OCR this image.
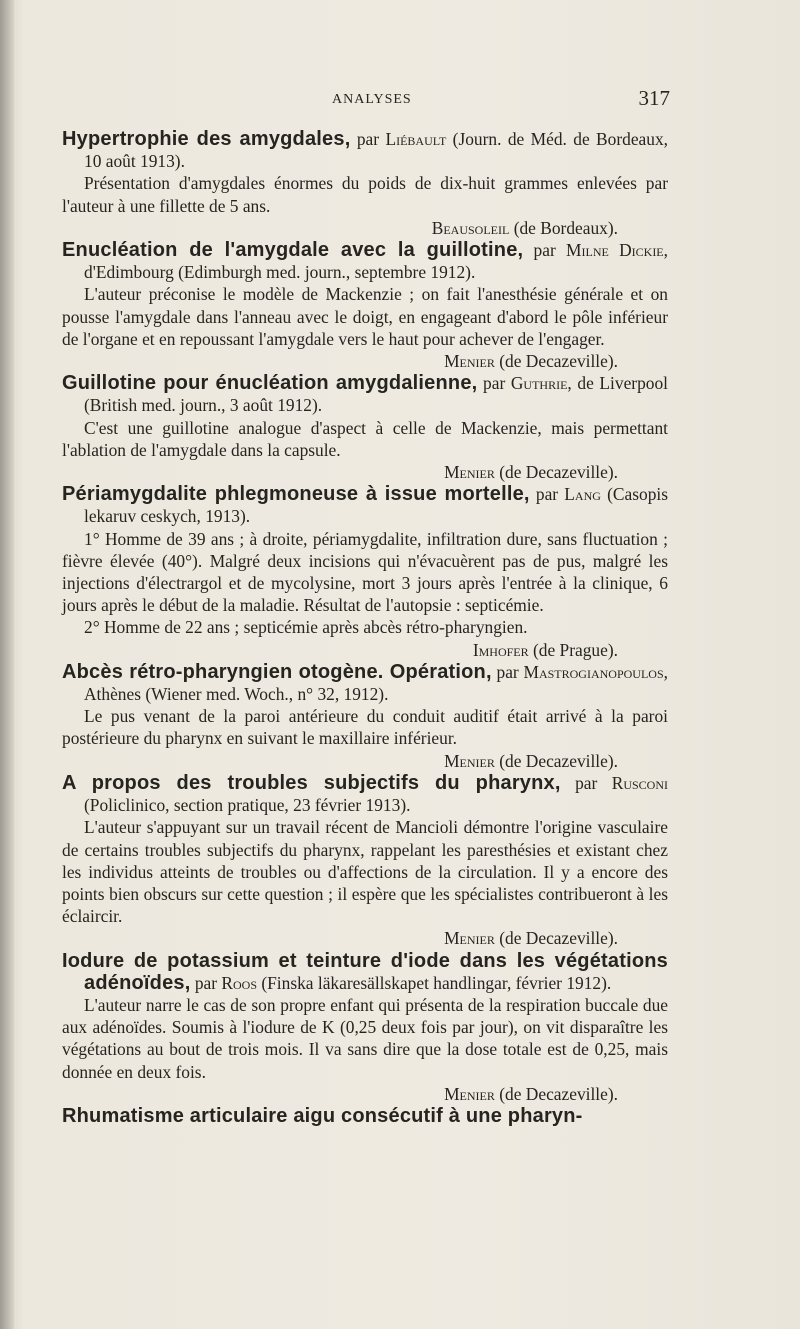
ANALYSES	317

Hypertrophie des amygdales, par Liébault (Journ. de Méd. de Bordeaux, 10 août 1913).

Présentation d'amygdales énormes du poids de dix-huit grammes enlevées par l'auteur à une fillette de 5 ans.

Beausoleil (de Bordeaux).

Enucléation de l'amygdale avec la guillotine, par Milne Dickie, d'Edimbourg (Edimburgh med. journ., septembre 1912).

L'auteur préconise le modèle de Mackenzie ; on fait l'anesthésie générale et on pousse l'amygdale dans l'anneau avec le doigt, en engageant d'abord le pôle inférieur de l'organe et en repoussant l'amygdale vers le haut pour achever de l'engager.

Menier (de Decazeville).

Guillotine pour énucléation amygdalienne, par Guthrie, de Liverpool (British med. journ., 3 août 1912).

C'est une guillotine analogue d'aspect à celle de Mackenzie, mais permettant l'ablation de l'amygdale dans la capsule.

Menier (de Decazeville).

Périamygdalite phlegmoneuse à issue mortelle, par Lang (Casopis lekaruv ceskych, 1913).

1° Homme de 39 ans ; à droite, périamygdalite, infiltration dure, sans fluctuation ; fièvre élevée (40°). Malgré deux incisions qui n'évacuèrent pas de pus, malgré les injections d'électrargol et de mycolysine, mort 3 jours après l'entrée à la clinique, 6 jours après le début de la maladie. Résultat de l'autopsie : septicémie.

2° Homme de 22 ans ; septicémie après abcès rétro-pharyngien.

Imhofer (de Prague).

Abcès rétro-pharyngien otogène. Opération, par Mastrogianopoulos, Athènes (Wiener med. Woch., n° 32, 1912).

Le pus venant de la paroi antérieure du conduit auditif était arrivé à la paroi postérieure du pharynx en suivant le maxillaire inférieur.

Menier (de Decazeville).

A propos des troubles subjectifs du pharynx, par Rusconi (Policlinico, section pratique, 23 février 1913).

L'auteur s'appuyant sur un travail récent de Mancioli démontre l'origine vasculaire de certains troubles subjectifs du pharynx, rappelant les paresthésies et existant chez les individus atteints de troubles ou d'affections de la circulation. Il y a encore des points bien obscurs sur cette question ; il espère que les spécialistes contribueront à les éclaircir.

Menier (de Decazeville).

Iodure de potassium et teinture d'iode dans les végétations adénoïdes, par Roos (Finska läkaresällskapet handlingar, février 1912).

L'auteur narre le cas de son propre enfant qui présenta de la respiration buccale due aux adénoïdes. Soumis à l'iodure de K (0,25 deux fois par jour), on vit disparaître les végétations au bout de trois mois. Il va sans dire que la dose totale est de 0,25, mais donnée en deux fois.

Menier (de Decazeville).

Rhumatisme articulaire aigu consécutif à une pharyn-
